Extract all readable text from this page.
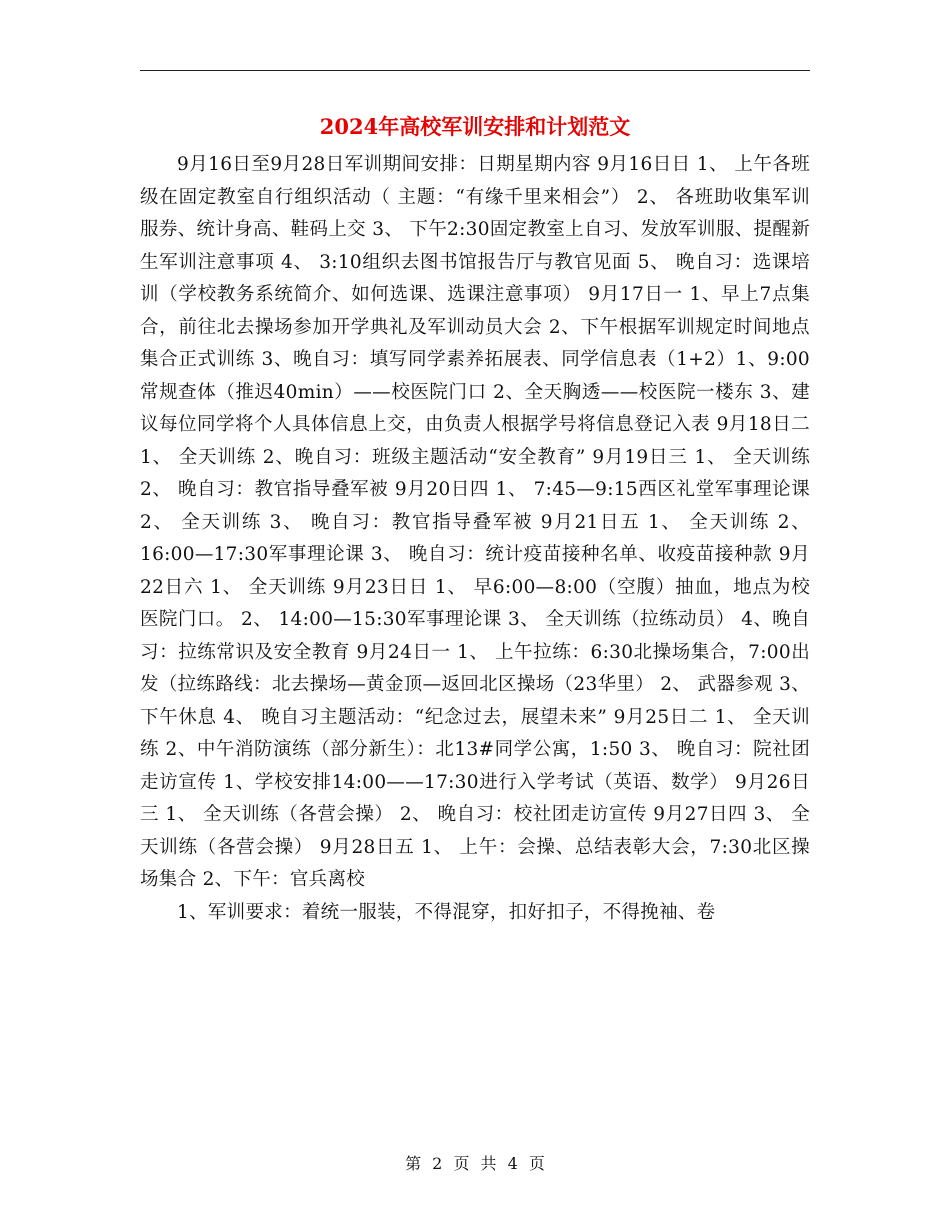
2024年高校军训安排和计划范文

9月16日至9月28日军训期间安排：日期星期内容 9月16日日 1、 上午各班级在固定教室自行组织活动（ 主题：“有缘千里来相会”） 2、 各班助收集军训服券、统计身高、鞋码上交 3、 下午2:30固定教室上自习、发放军训服、提醒新生军训注意事项 4、 3:10组织去图书馆报告厅与教官见面 5、 晚自习：选课培训（学校教务系统简介、如何选课、选课注意事项） 9月17日一 1、早上7点集合，前往北去操场参加开学典礼及军训动员大会 2、下午根据军训规定时间地点集合正式训练 3、晚自习：填写同学素养拓展表、同学信息表（1+2）1、9:00常规查体（推迟40min）——校医院门口 2、全天胸透——校医院一楼东 3、建议每位同学将个人具体信息上交，由负责人根据学号将信息登记入表 9月18日二 1、 全天训练 2、晚自习：班级主题活动“安全教育” 9月19日三 1、 全天训练 2、 晚自习：教官指导叠军被 9月20日四 1、 7:45—9:15西区礼堂军事理论课 2、 全天训练 3、 晚自习：教官指导叠军被 9月21日五 1、 全天训练 2、 16:00—17:30军事理论课 3、 晚自习：统计疫苗接种名单、收疫苗接种款 9月22日六 1、 全天训练 9月23日日 1、 早6:00—8:00（空腹）抽血，地点为校医院门口。 2、 14:00—15:30军事理论课 3、 全天训练（拉练动员） 4、晚自习：拉练常识及安全教育 9月24日一 1、 上午拉练：6:30北操场集合，7:00出发（拉练路线：北去操场—黄金顶—返回北区操场（23华里） 2、 武器参观 3、 下午休息 4、 晚自习主题活动：“纪念过去，展望未来” 9月25日二 1、 全天训练 2、中午消防演练（部分新生）：北13#同学公寓，1:50 3、 晚自习：院社团走访宣传 1、学校安排14:00——17:30进行入学考试（英语、数学） 9月26日三 1、 全天训练（各营会操） 2、 晚自习：校社团走访宣传 9月27日四 3、 全天训练（各营会操） 9月28日五 1、 上午：会操、总结表彰大会，7:30北区操场集合 2、下午：官兵离校

1、军训要求：着统一服装，不得混穿，扣好扣子，不得挽袖、卷

第 2 页 共 4 页
